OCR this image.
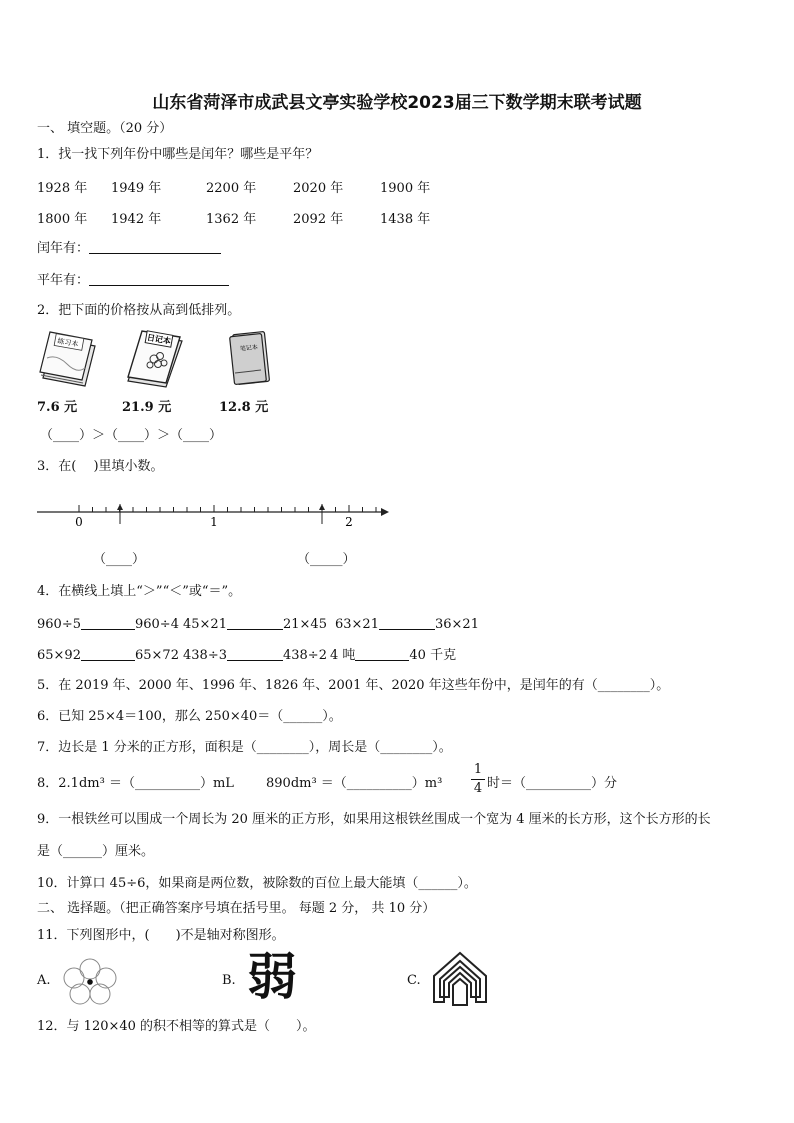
山东省菏泽市成武县文亭实验学校2023届三下数学期末联考试题
一、 填空题。（20 分）
1．找一找下列年份中哪些是闰年？哪些是平年？
1928 年 1949 年	2200 年	2020 年	1900 年
1800 年 1942 年	1362 年	2092 年	1438 年
闰年有：
平年有：
2．把下面的价格按从高到低排列。
练习本	日记本
笔记本
7.6 元	21.9 元	12.8 元
（____）＞（____）＞（____）
3．在(　 )里填小数。
0	1	2
（____）	（_____）
4．在横线上填上“＞”“＜”或“＝”。
960÷5	960÷4 45×21	21×45 63×21	36×21
65×92	65×72 438÷3	438÷2 4 吨	40 千克
5．在 2019 年、2000 年、1996 年、1826 年、2001 年、2020 年这些年份中，是闰年的有（________）。
6．已知 25×4＝100，那么 250×40＝（______）。
7．边长是 1 分米的正方形，面积是（________），周长是（________）。
8．2.1dm³ ＝（__________）mL 890dm³ ＝（__________）m³
1
4 时＝（__________）分
9．一根铁丝可以围成一个周长为 20 厘米的正方形，如果用这根铁丝围成一个宽为 4 厘米的长方形，这个长方形的长
是（______）厘米。
10．计算口 45÷6，如果商是两位数，被除数的百位上最大能填（______）。
二、 选择题。（把正确答案序号填在括号里。 每题 2 分， 共 10 分）
11．下列图形中，(　　)不是轴对称图形。
A.	B. 弱	C.
12．与 120×40 的积不相等的算式是（　　）。
